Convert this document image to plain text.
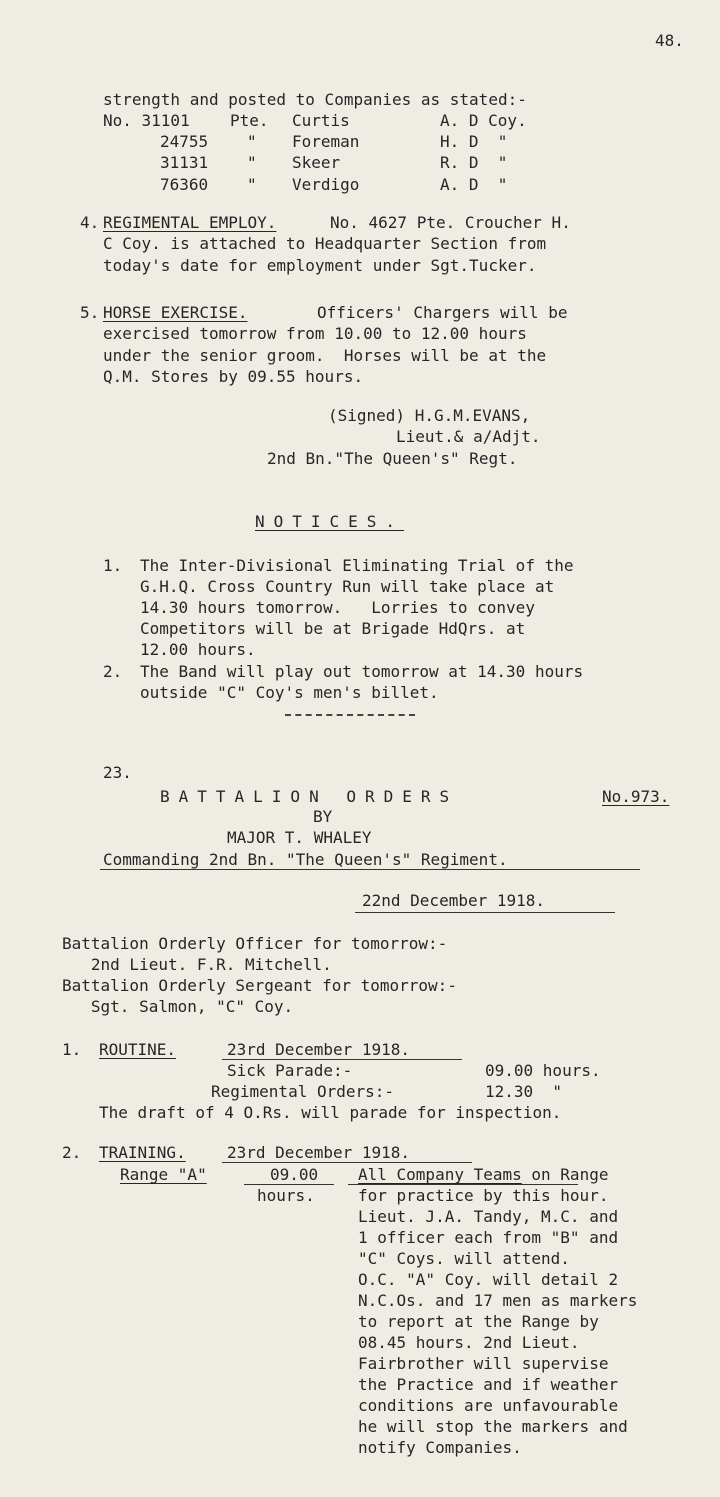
48.
strength and posted to Companies as stated:-
No. 31101	Pte. Curtis	A. D Coy.
24755 " Foreman	H. D  "
31131 " Skeer	R. D  "
76360 " Verdigo	A. D  "
4. REGIMENTAL EMPLOY.	No. 4627 Pte. Croucher H.
C Coy. is attached to Headquarter Section from
today's date for employment under Sgt.Tucker.
5. HORSE EXERCISE.	Officers' Chargers will be
exercised tomorrow from 10.00 to 12.00 hours
under the senior groom.  Horses will be at the
Q.M. Stores by 09.55 hours.
(Signed) H.G.M.EVANS,
Lieut.& a/Adjt.
2nd Bn."The Queen's" Regt.
NOTICES.
1. The Inter-Divisional Eliminating Trial of the
G.H.Q. Cross Country Run will take place at
14.30 hours tomorrow.   Lorries to convey
Competitors will be at Brigade HdQrs. at
12.00 hours.
2. The Band will play out tomorrow at 14.30 hours
outside "C" Coy's men's billet.
23.
BATTALION ORDERS	No.973.
BY
MAJOR T. WHALEY
Commanding 2nd Bn. "The Queen's" Regiment.
22nd December 1918.
Battalion Orderly Officer for tomorrow:-
2nd Lieut. F.R. Mitchell.
Battalion Orderly Sergeant for tomorrow:-
Sgt. Salmon, "C" Coy.
1. ROUTINE.	23rd December 1918.
Sick Parade:-	09.00 hours.
Regimental Orders:-	12.30  "
The draft of 4 O.Rs. will parade for inspection.
2. TRAINING.	23rd December 1918.
Range "A"	09.00
hours.
All Company Teams on Range
for practice by this hour.
Lieut. J.A. Tandy, M.C. and
1 officer each from "B" and
"C" Coys. will attend.
O.C. "A" Coy. will detail 2
N.C.Os. and 17 men as markers
to report at the Range by
08.45 hours. 2nd Lieut.
Fairbrother will supervise
the Practice and if weather
conditions are unfavourable
he will stop the markers and
notify Companies.
